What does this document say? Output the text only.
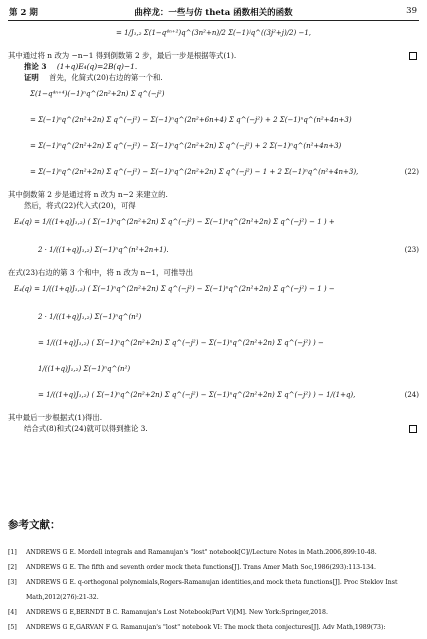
第 2 期	曲梓龙：一些与仿 theta 函数相关的函数	39
= 1/J₁,₂ Σ(1−q⁴ⁿ⁺²)q^(3n²+n)/2 Σ(−1)ʲq^((3j²+j)/2) −1,
其中通过将 n 改为 −n−1 得到倒数第 2 步，最后一步是根据等式(1).
推论 3 (1+q)E₄(q)=2B(q)−1.
证明 首先，化简式(20)右边的第一个和.
Σ(1−q⁴ⁿ⁺⁴)(−1)ⁿq^(2n²+2n) Σ q^(−j²)
= Σ(−1)ⁿq^(2n²+2n) Σ q^(−j²) − Σ(−1)ⁿq^(2n²+6n+4) Σ q^(−j²) + 2 Σ(−1)ⁿq^(n²+4n+3)
= Σ(−1)ⁿq^(2n²+2n) Σ q^(−j²) − Σ(−1)ⁿq^(2n²+2n) Σ q^(−j²) + 2 Σ(−1)ⁿq^(n²+4n+3)
= Σ(−1)ⁿq^(2n²+2n) Σ q^(−j²) − Σ(−1)ⁿq^(2n²+2n) Σ q^(−j²) − 1 + 2 Σ(−1)ⁿq^(n²+4n+3),	(22)
其中倒数第 2 步是通过将 n 改为 n−2 来建立的.
然后，将式(22)代入式(20)，可得
E₄(q) = 1/((1+q)J₁,₂) ( Σ(−1)ⁿq^(2n²+2n) Σ q^(−j²) − Σ(−1)ⁿq^(2n²+2n) Σ q^(−j²) − 1 ) +
2 · 1/((1+q)J₁,₂) Σ(−1)ⁿq^(n²+2n+1).	(23)
在式(23)右边的第 3 个和中，将 n 改为 n−1，可推导出
E₄(q) = 1/((1+q)J₁,₂) ( Σ(−1)ⁿq^(2n²+2n) Σ q^(−j²) − Σ(−1)ⁿq^(2n²+2n) Σ q^(−j²) − 1 ) −
2 · 1/((1+q)J₁,₂) Σ(−1)ⁿq^(n²)
= 1/((1+q)J₁,₂) ( Σ(−1)ⁿq^(2n²+2n) Σ q^(−j²) − Σ(−1)ⁿq^(2n²+2n) Σ q^(−j²) ) −
1/((1+q)J₁,₂) Σ(−1)ⁿq^(n²)
= 1/((1+q)J₁,₂) ( Σ(−1)ⁿq^(2n²+2n) Σ q^(−j²) − Σ(−1)ⁿq^(2n²+2n) Σ q^(−j²) ) − 1/(1+q),	(24)
其中最后一步根据式(1)得出.
结合式(8)和式(24)就可以得到推论 3.
参考文献：
[1] ANDREWS G E. Mordell integrals and Ramanujan's "lost" notebook[C]//Lecture Notes in Math.2006,899:10-48.
[2] ANDREWS G E. The fifth and seventh order mock theta functions[J]. Trans Amer Math Soc,1986(293):113-134.
[3] ANDREWS G E. q-orthogonal polynomials,Rogers-Ramanujan identities,and mock theta functions[J]. Proc Steklov Inst
Math,2012(276):21-32.
[4] ANDREWS G E,BERNDT B C. Ramanujan's Lost Notebook(Part V)[M]. New York:Springer,2018.
[5] ANDREWS G E,GARVAN F G. Ramanujan's "lost" notebook VI: The mock theta conjectures[J]. Adv Math,1989(73):
